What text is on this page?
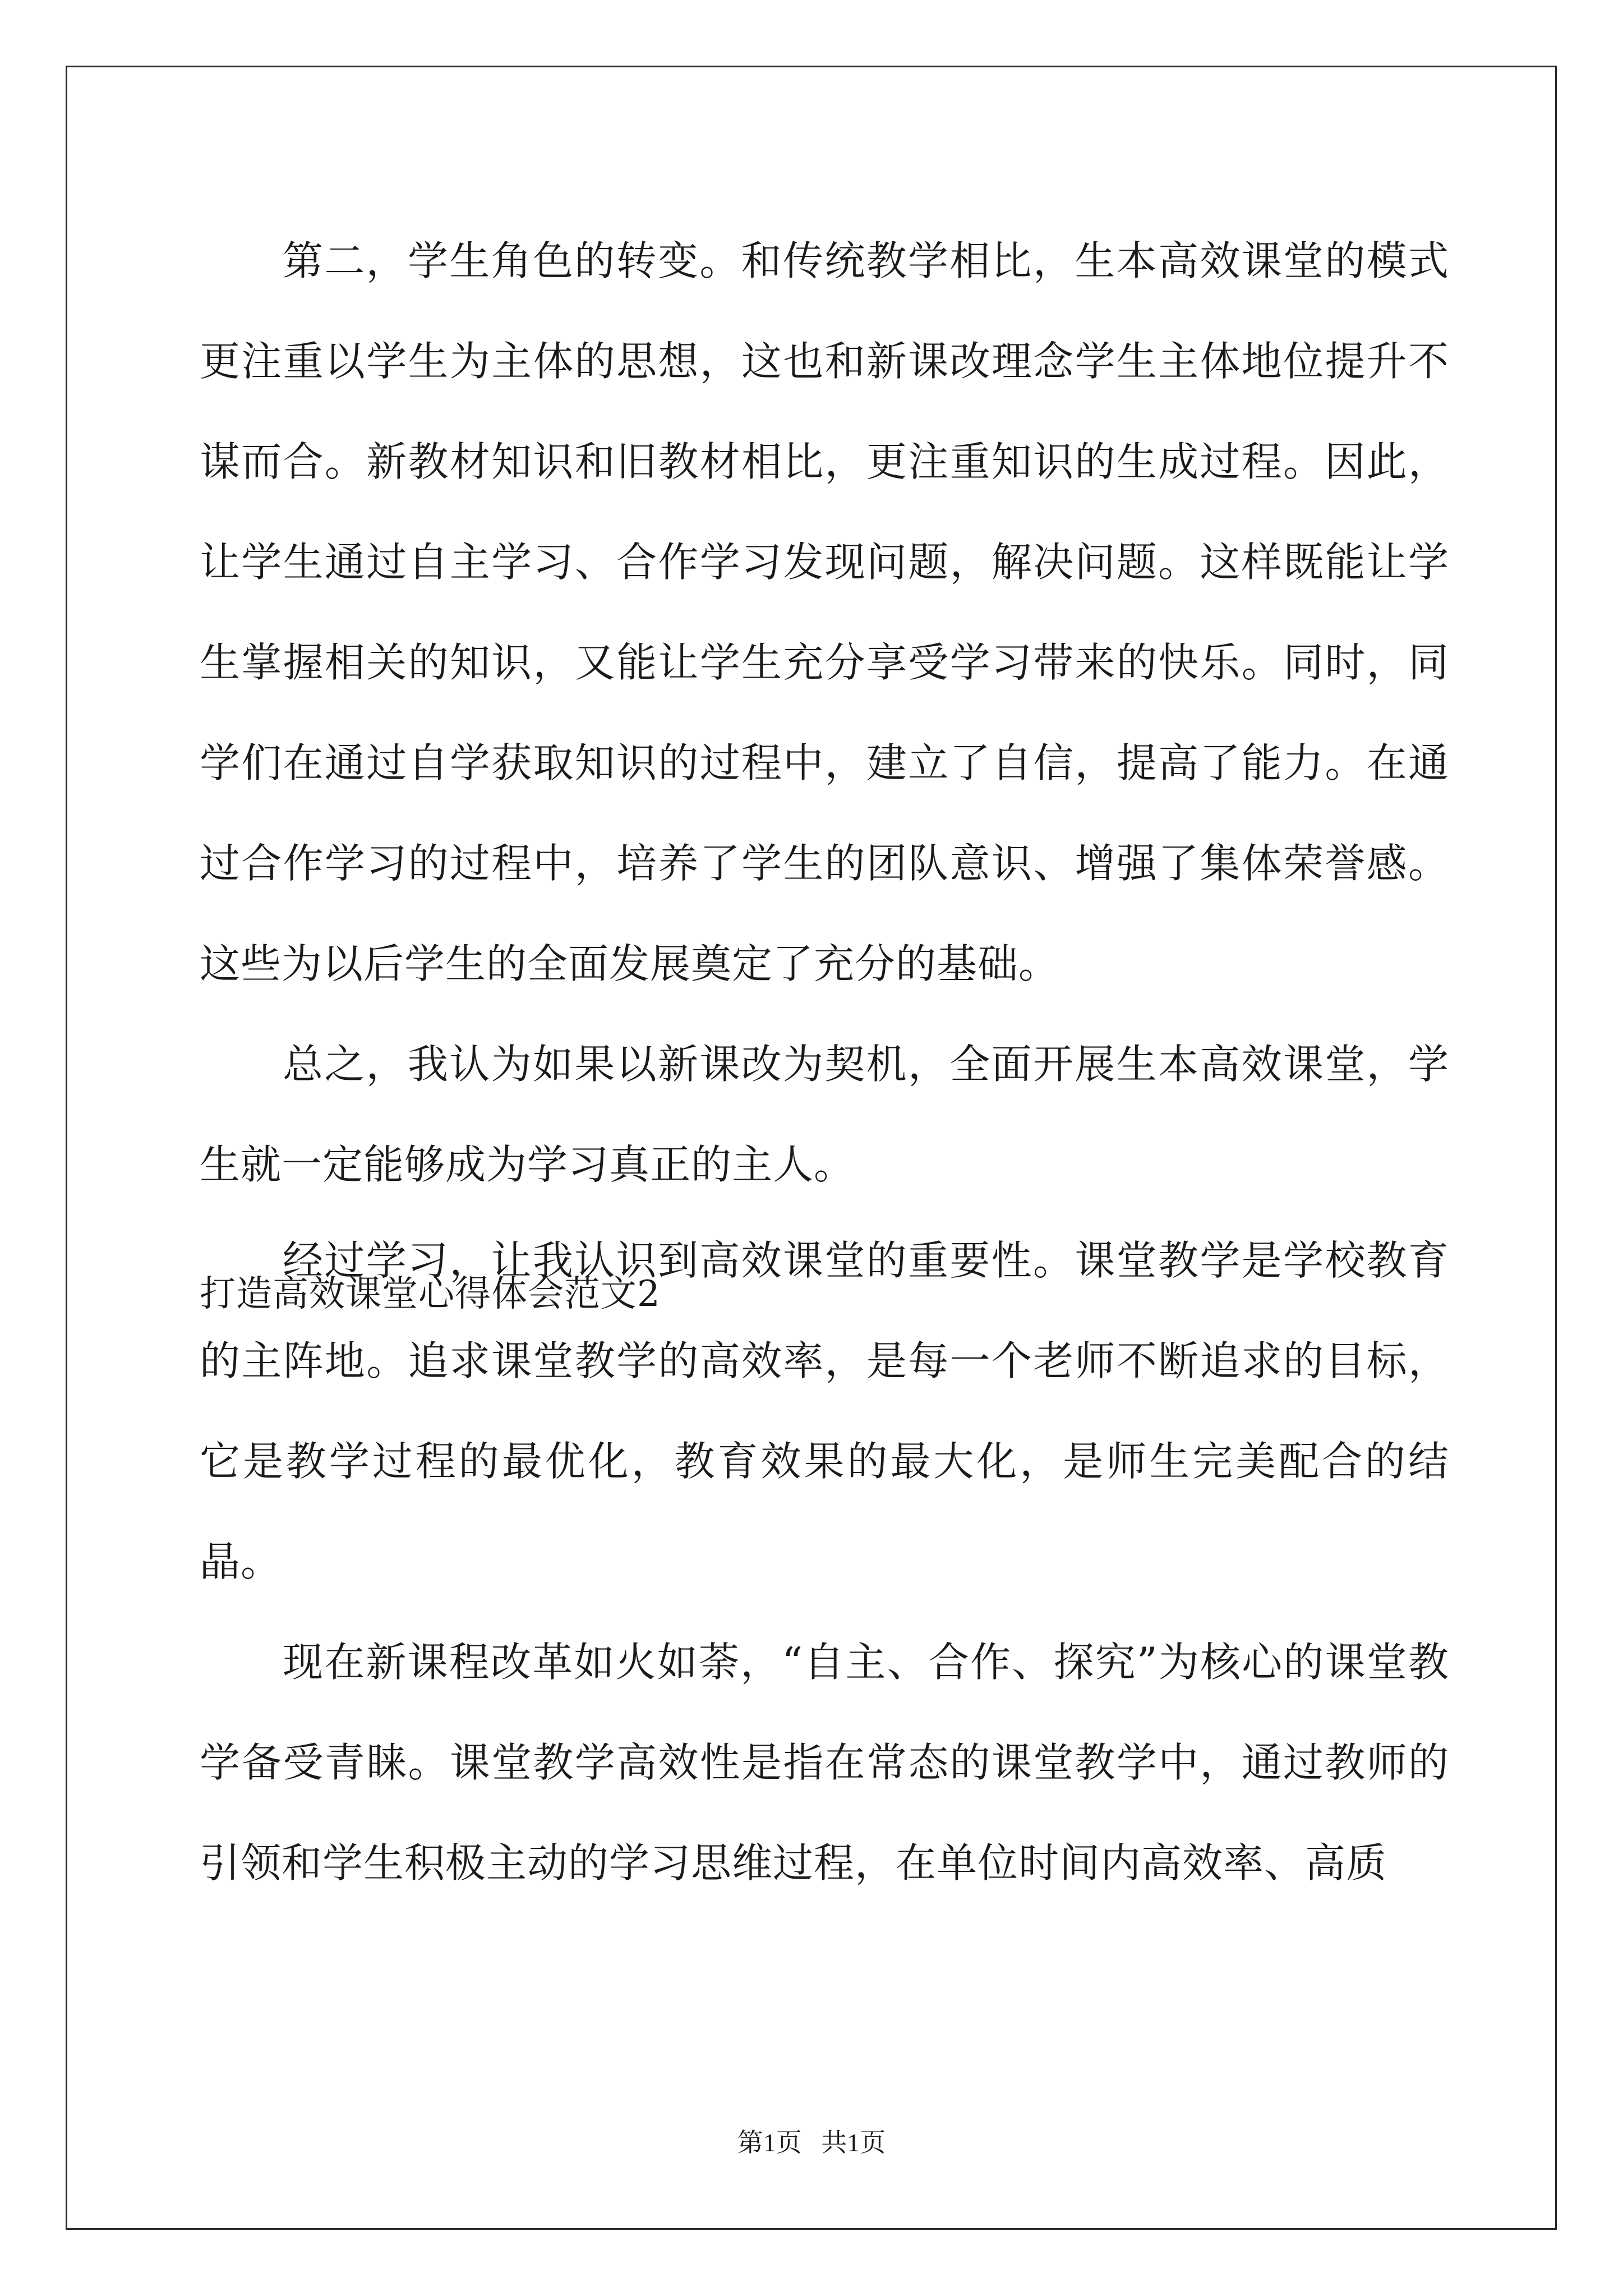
第二，学生角色的转变。和传统教学相比，生本高效课堂的模式更注重以学生为主体的思想，这也和新课改理念学生主体地位提升不谋而合。新教材知识和旧教材相比，更注重知识的生成过程。因此，让学生通过自主学习、合作学习发现问题，解决问题。这样既能让学生掌握相关的知识，又能让学生充分享受学习带来的快乐。同时，同学们在通过自学获取知识的过程中，建立了自信，提高了能力。在通过合作学习的过程中，培养了学生的团队意识、增强了集体荣誉感。这些为以后学生的全面发展奠定了充分的基础。

总之，我认为如果以新课改为契机，全面开展生本高效课堂，学生就一定能够成为学习真正的主人。

打造高效课堂心得体会范文2

经过学习，让我认识到高效课堂的重要性。课堂教学是学校教育的主阵地。追求课堂教学的高效率，是每一个老师不断追求的目标，它是教学过程的最优化，教育效果的最大化，是师生完美配合的结晶。

现在新课程改革如火如荼，“自主、合作、探究”为核心的课堂教学备受青睐。课堂教学高效性是指在常态的课堂教学中，通过教师的引领和学生积极主动的学习思维过程，在单位时间内高效率、高质

第1页 共1页
